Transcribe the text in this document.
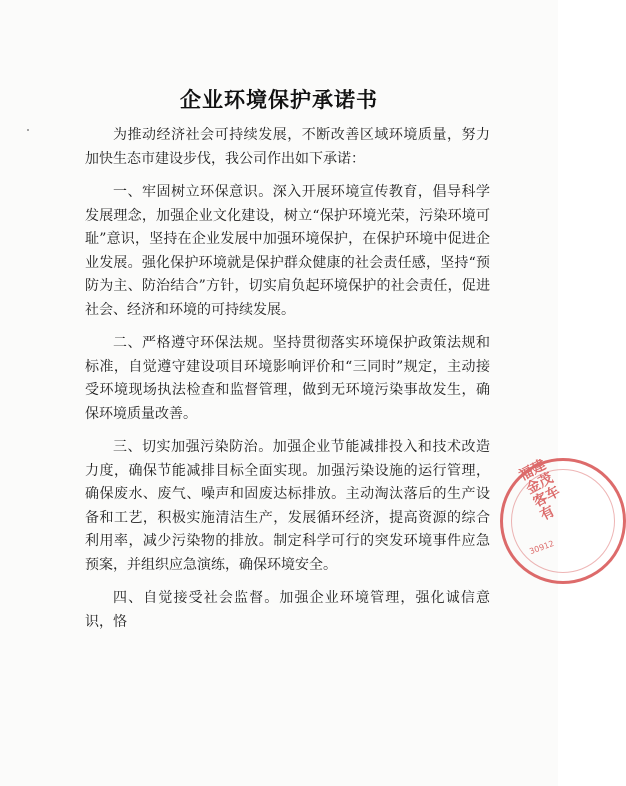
企业环境保护承诺书

为推动经济社会可持续发展，不断改善区域环境质量，努力加快生态市建设步伐，我公司作出如下承诺：

一、牢固树立环保意识。深入开展环境宣传教育，倡导科学发展理念，加强企业文化建设，树立“保护环境光荣，污染环境可耻”意识，坚持在企业发展中加强环境保护，在保护环境中促进企业发展。强化保护环境就是保护群众健康的社会责任感，坚持“预防为主、防治结合”方针，切实肩负起环境保护的社会责任，促进社会、经济和环境的可持续发展。

二、严格遵守环保法规。坚持贯彻落实环境保护政策法规和标准，自觉遵守建设项目环境影响评价和“三同时”规定，主动接受环境现场执法检查和监督管理，做到无环境污染事故发生，确保环境质量改善。

三、切实加强污染防治。加强企业节能减排投入和技术改造力度，确保节能减排目标全面实现。加强污染设施的运行管理，确保废水、废气、噪声和固废达标排放。主动淘汰落后的生产设备和工艺，积极实施清洁生产，发展循环经济，提高资源的综合利用率，减少污染物的排放。制定科学可行的突发环境事件应急预案，并组织应急演练，确保环境安全。

四、自觉接受社会监督。加强企业环境管理，强化诚信意识，恪

福建金茂客车有
30912
